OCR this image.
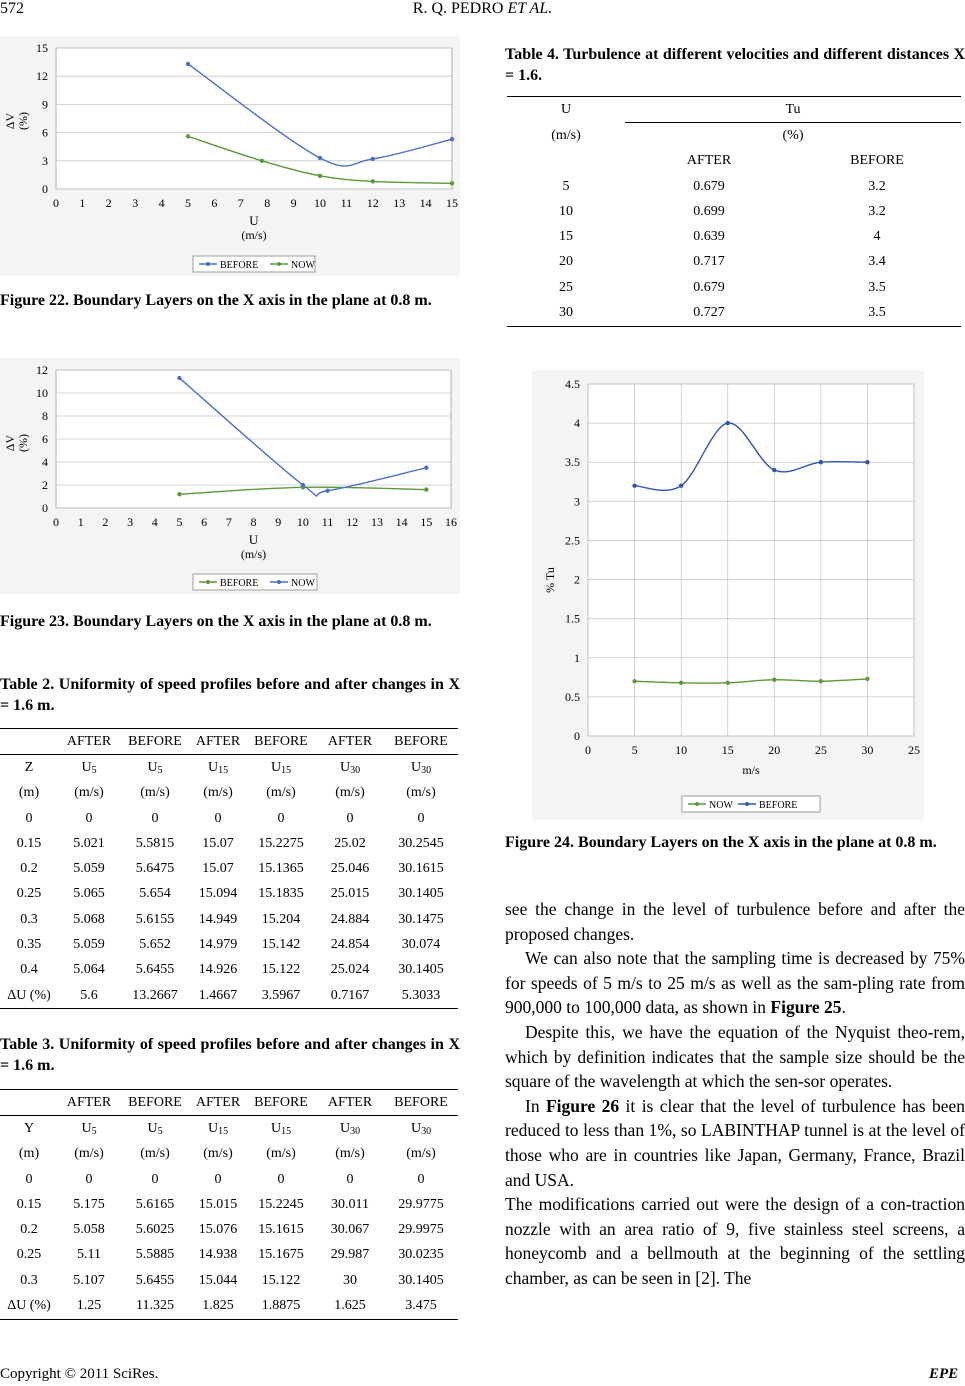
572	R. Q. PEDRO ET AL.
0
3
6
9
12
15
0 1 2 3 4 5 6 7 8 9 10 11 12 13 14 15
ΔV (%)
U
(m/s)
BEFORE	NOW
Figure 22. Boundary Layers on the X axis in the plane at 0.8 m.
0
2
4
6
8
10
12
0 1 2 3 4 5 6 7 8 9 10 11 12 13 14 15 16
ΔV (%)
U
(m/s)
BEFORE	NOW
Figure 23. Boundary Layers on the X axis in the plane at 0.8 m.
Table 2. Uniformity of speed profiles before and after changes in X = 1.6 m.
	AFTER	BEFORE	AFTER	BEFORE	AFTER	BEFORE
Z	$U_5$	$U_5$	$U_{15}$	$U_{15}$	$U_{30}$	$U_{30}$
(m)	(m/s)	(m/s)	(m/s)	(m/s)	(m/s)	(m/s)
0	0	0	0	0	0	0
0.15	5.021	5.5815	15.07	15.2275	25.02	30.2545
0.2	5.059	5.6475	15.07	15.1365	25.046	30.1615
0.25	5.065	5.654	15.094	15.1835	25.015	30.1405
0.3	5.068	5.6155	14.949	15.204	24.884	30.1475
0.35	5.059	5.652	14.979	15.142	24.854	30.074
0.4	5.064	5.6455	14.926	15.122	25.024	30.1405
ΔU (%)	5.6	13.2667	1.4667	3.5967	0.7167	5.3033
Table 3. Uniformity of speed profiles before and after changes in X = 1.6 m.
	AFTER	BEFORE	AFTER	BEFORE	AFTER	BEFORE
Y	$U_5$	$U_5$	$U_{15}$	$U_{15}$	$U_{30}$	$U_{30}$
(m)	(m/s)	(m/s)	(m/s)	(m/s)	(m/s)	(m/s)
0	0	0	0	0	0	0
0.15	5.175	5.6165	15.015	15.2245	30.011	29.9775
0.2	5.058	5.6025	15.076	15.1615	30.067	29.9975
0.25	5.11	5.5885	14.938	15.1675	29.987	30.0235
0.3	5.107	5.6455	15.044	15.122	30	30.1405
ΔU (%)	1.25	11.325	1.825	1.8875	1.625	3.475
Table 4. Turbulence at different velocities and different distances X = 1.6.
U	Tu	
(m/s)	(%)	
	AFTER	BEFORE
5	0.679	3.2
10	0.699	3.2
15	0.639	4
20	0.717	3.4
25	0.679	3.5
30	0.727	3.5
0
0.5
1
1.5
2
2.5
3
3.5
4
4.5
0	5	10	15	20	25	30	25
% Tu
m/s
NOW	BEFORE
Figure 24. Boundary Layers on the X axis in the plane at 0.8 m.

see the change in the level of turbulence before and after the proposed changes.

We can also note that the sampling time is decreased by 75% for speeds of 5 m/s to 25 m/s as well as the sam-pling rate from 900,000 to 100,000 data, as shown in Figure 25.

Despite this, we have the equation of the Nyquist theo-rem, which by definition indicates that the sample size should be the square of the wavelength at which the sen-sor operates.

In Figure 26 it is clear that the level of turbulence has been reduced to less than 1%, so LABINTHAP tunnel is at the level of those who are in countries like Japan, Germany, France, Brazil and USA.

The modifications carried out were the design of a con-traction nozzle with an area ratio of 9, five stainless steel screens, a honeycomb and a bellmouth at the beginning of the settling chamber, as can be seen in [2]. The

Copyright © 2011 SciRes.	EPE
